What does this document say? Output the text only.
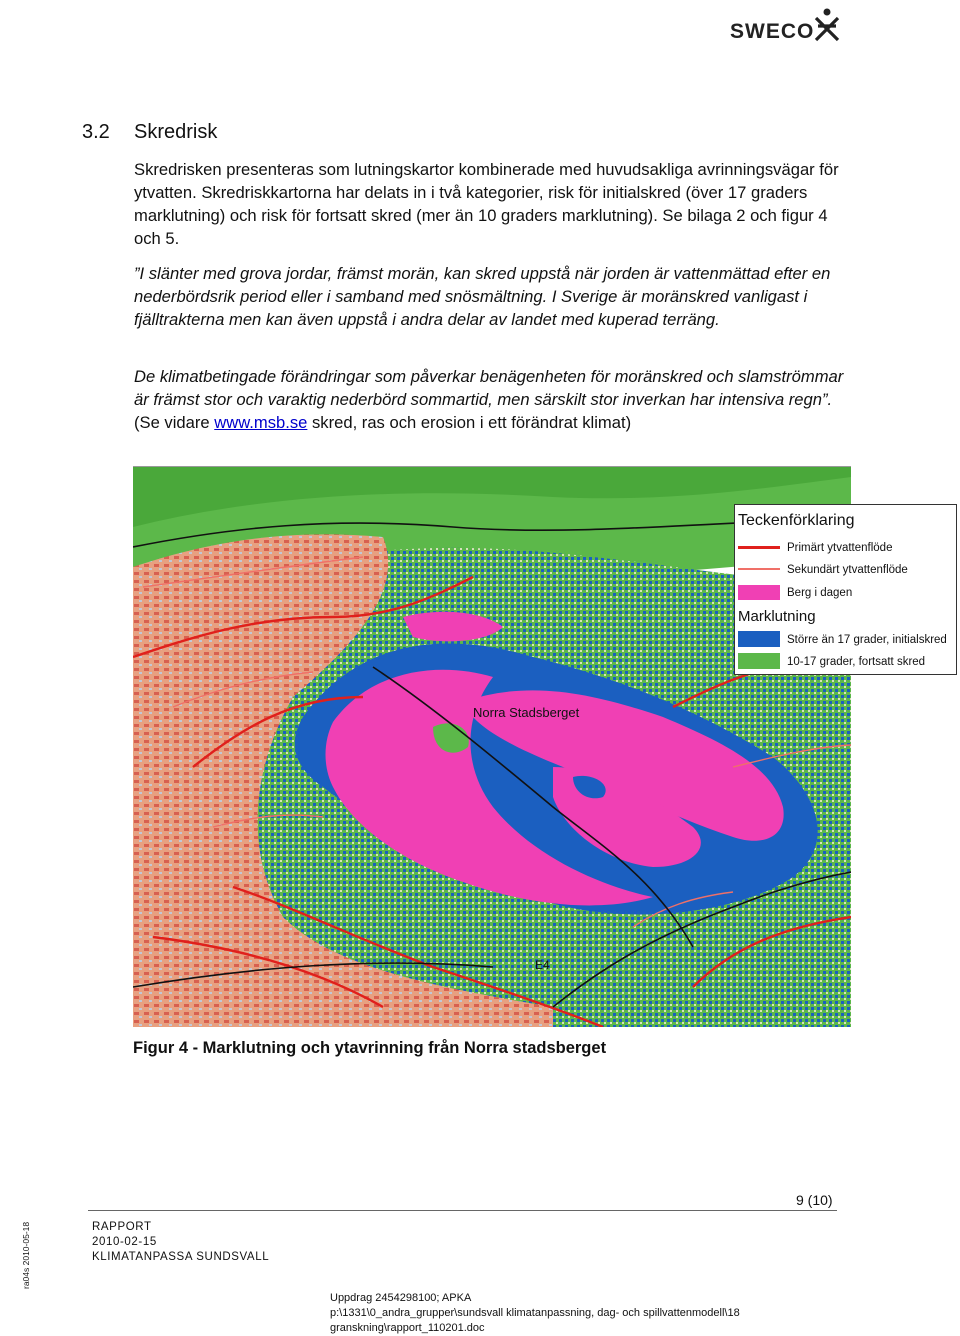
SWECO
3.2 Skredrisk

Skredrisken presenteras som lutningskartor kombinerade med huvudsakliga avrinningsvägar för ytvatten. Skredriskkartorna har delats in i två kategorier, risk för initialskred (över 17 graders marklutning) och risk för fortsatt skred (mer än 10 graders marklutning). Se bilaga 2 och figur 4 och 5.

”I slänter med grova jordar, främst morän, kan skred uppstå när jorden är vattenmättad efter en nederbördsrik period eller i samband med snösmältning. I Sverige är moränskred vanligast i fjälltrakterna men kan även uppstå i andra delar av landet med kuperad terräng.

De klimatbetingade förändringar som påverkar benägenheten för moränskred och slamströmmar är främst stor och varaktig nederbörd sommartid, men särskilt stor inverkan har intensiva regn”. (Se vidare www.msb.se skred, ras och erosion i ett förändrat klimat)

E4
Norra Stadsberget
Teckenförklaring
Primärt ytvattenflöde
Sekundärt ytvattenflöde
Berg i dagen
Marklutning
Större än 17 grader, initialskred
10-17 grader, fortsatt skred
Figur 4 - Marklutning och ytavrinning från Norra stadsberget
9 (10)
RAPPORT
2010-02-15
KLIMATANPASSA SUNDSVALL
Uppdrag 2454298100; APKA
p:\1331\0_andra_grupper\sundsvall klimatanpassning, dag- och spillvattenmodell\18
granskning\rapport_110201.doc
ra04s 2010-05-18
